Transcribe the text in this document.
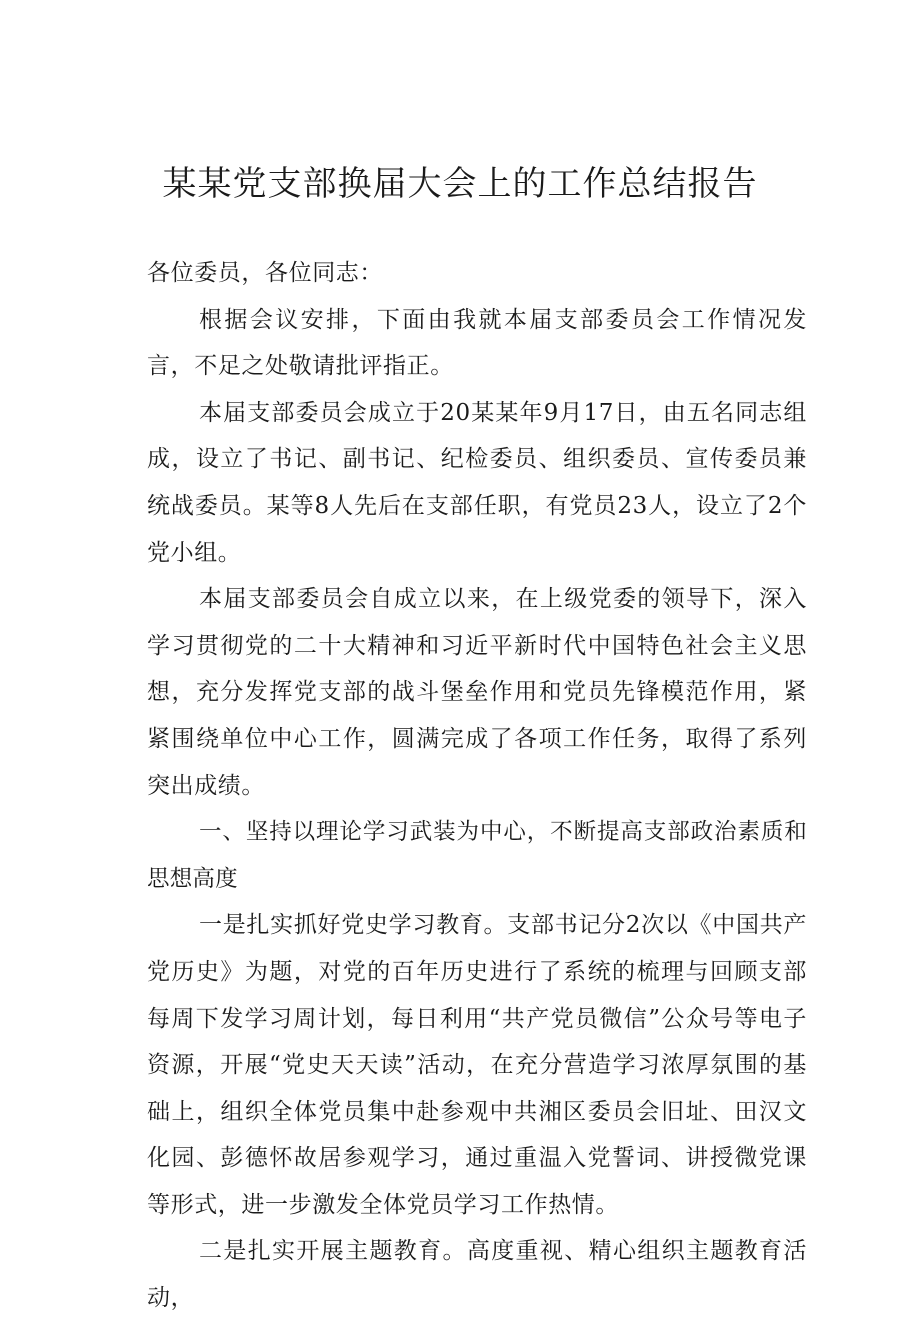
某某党支部换届大会上的工作总结报告

各位委员，各位同志：

根据会议安排，下面由我就本届支部委员会工作情况发言，不足之处敬请批评指正。

本届支部委员会成立于20某某年9月17日，由五名同志组成，设立了书记、副书记、纪检委员、组织委员、宣传委员兼统战委员。某等8人先后在支部任职，有党员23人，设立了2个党小组。

本届支部委员会自成立以来，在上级党委的领导下，深入学习贯彻党的二十大精神和习近平新时代中国特色社会主义思想，充分发挥党支部的战斗堡垒作用和党员先锋模范作用，紧紧围绕单位中心工作，圆满完成了各项工作任务，取得了系列突出成绩。

一、坚持以理论学习武装为中心，不断提高支部政治素质和思想高度

一是扎实抓好党史学习教育。支部书记分2次以《中国共产党历史》为题，对党的百年历史进行了系统的梳理与回顾支部每周下发学习周计划，每日利用“共产党员微信”公众号等电子资源，开展“党史天天读”活动，在充分营造学习浓厚氛围的基础上，组织全体党员集中赴参观中共湘区委员会旧址、田汉文化园、彭德怀故居参观学习，通过重温入党誓词、讲授微党课等形式，进一步激发全体党员学习工作热情。

二是扎实开展主题教育。高度重视、精心组织主题教育活动，
